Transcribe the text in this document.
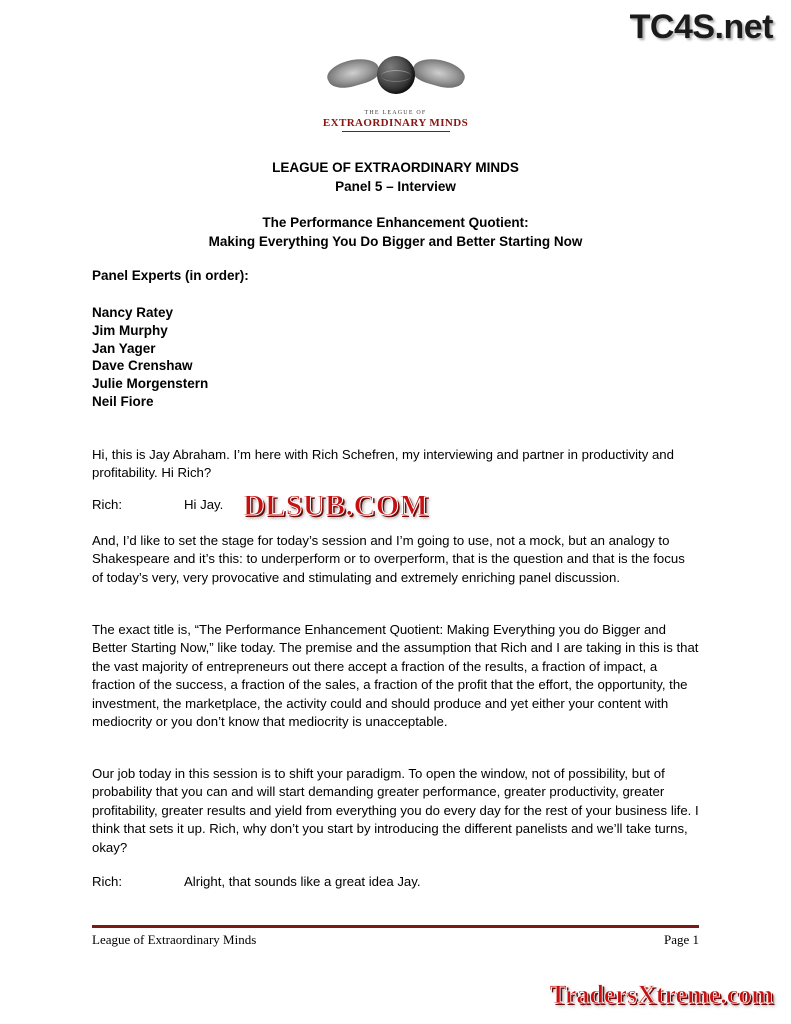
TC4S.net
THE LEAGUE OF
EXTRAORDINARY MINDS
LEAGUE OF EXTRAORDINARY MINDS
Panel 5 – Interview
The Performance Enhancement Quotient:
Making Everything You Do Bigger and Better Starting Now
Panel Experts (in order):
Nancy Ratey
Jim Murphy
Jan Yager
Dave Crenshaw
Julie Morgenstern
Neil Fiore
Hi, this is Jay Abraham. I’m here with Rich Schefren, my interviewing and partner in productivity and profitability. Hi Rich?
Rich:	Hi Jay. DLSUB.COM
And, I’d like to set the stage for today’s session and I’m going to use, not a mock, but an analogy to Shakespeare and it’s this: to underperform or to overperform, that is the question and that is the focus of today’s very, very provocative and stimulating and extremely enriching panel discussion.
The exact title is, “The Performance Enhancement Quotient: Making Everything you do Bigger and Better Starting Now,” like today. The premise and the assumption that Rich and I are taking in this is that the vast majority of entrepreneurs out there accept a fraction of the results, a fraction of impact, a fraction of the success, a fraction of the sales, a fraction of the profit that the effort, the opportunity, the investment, the marketplace, the activity could and should produce and yet either your content with mediocrity or you don’t know that mediocrity is unacceptable.
Our job today in this session is to shift your paradigm. To open the window, not of possibility, but of probability that you can and will start demanding greater performance, greater productivity, greater profitability, greater results and yield from everything you do every day for the rest of your business life. I think that sets it up. Rich, why don’t you start by introducing the different panelists and we’ll take turns, okay?
Rich:	Alright, that sounds like a great idea Jay.
League of Extraordinary Minds	Page 1
TradersXtreme.com
